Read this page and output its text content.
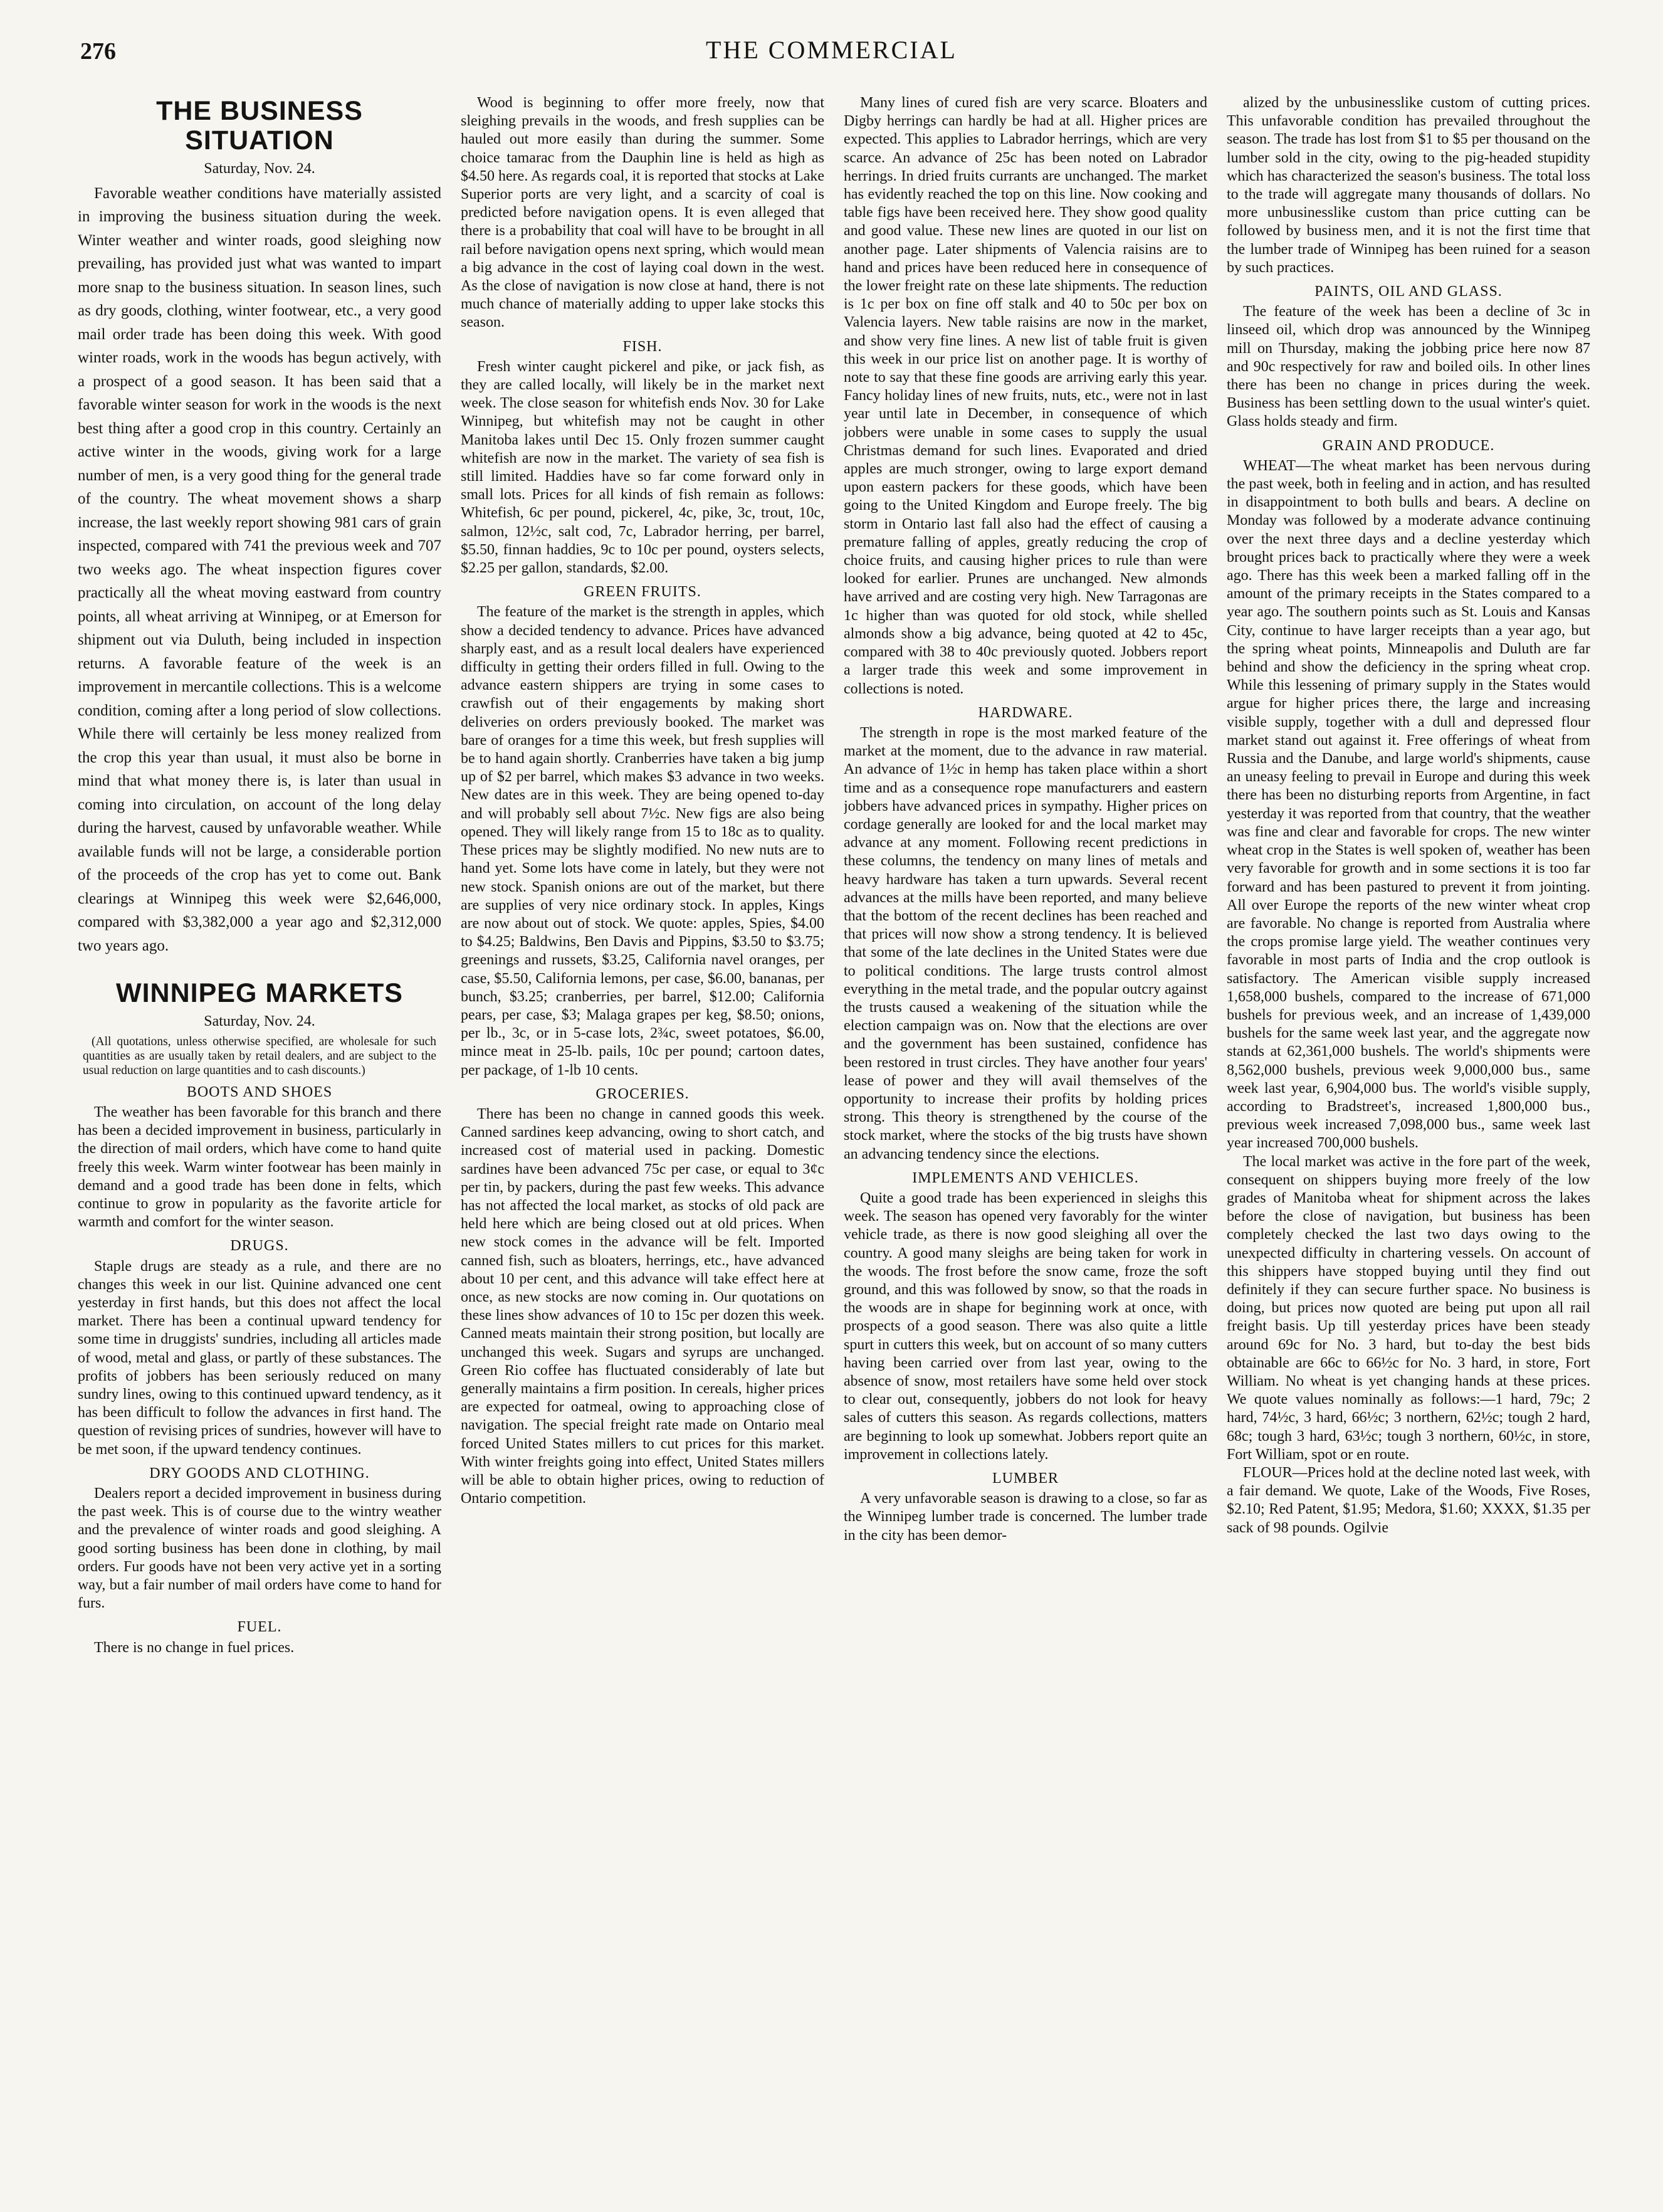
276	THE COMMERCIAL
THE BUSINESS SITUATION
Saturday, Nov. 24.

Favorable weather conditions have materially assisted in improving the business situation during the week. Winter weather and winter roads, good sleighing now prevailing, has provided just what was wanted to impart more snap to the business situation. In season lines, such as dry goods, clothing, winter footwear, etc., a very good mail order trade has been doing this week. With good winter roads, work in the woods has begun actively, with a prospect of a good season. It has been said that a favorable winter season for work in the woods is the next best thing after a good crop in this country. Certainly an active winter in the woods, giving work for a large number of men, is a very good thing for the general trade of the country. The wheat movement shows a sharp increase, the last weekly report showing 981 cars of grain inspected, compared with 741 the previous week and 707 two weeks ago. The wheat inspection figures cover practically all the wheat moving eastward from country points, all wheat arriving at Winnipeg, or at Emerson for shipment out via Duluth, being included in inspection returns. A favorable feature of the week is an improvement in mercantile collections. This is a welcome condition, coming after a long period of slow collections. While there will certainly be less money realized from the crop this year than usual, it must also be borne in mind that what money there is, is later than usual in coming into circulation, on account of the long delay during the harvest, caused by unfavorable weather. While available funds will not be large, a considerable portion of the proceeds of the crop has yet to come out. Bank clearings at Winnipeg this week were $2,646,000, compared with $3,382,000 a year ago and $2,312,000 two years ago.

WINNIPEG MARKETS
Saturday, Nov. 24.

(All quotations, unless otherwise specified, are wholesale for such quantities as are usually taken by retail dealers, and are subject to the usual reduction on large quantities and to cash discounts.)

BOOTS AND SHOES

The weather has been favorable for this branch and there has been a decided improvement in business, particularly in the direction of mail orders, which have come to hand quite freely this week. Warm winter footwear has been mainly in demand and a good trade has been done in felts, which continue to grow in popularity as the favorite article for warmth and comfort for the winter season.

DRUGS.

Staple drugs are steady as a rule, and there are no changes this week in our list. Quinine advanced one cent yesterday in first hands, but this does not affect the local market. There has been a continual upward tendency for some time in druggists' sundries, including all articles made of wood, metal and glass, or partly of these substances. The profits of jobbers has been seriously reduced on many sundry lines, owing to this continued upward tendency, as it has been difficult to follow the advances in first hand. The question of revising prices of sundries, however will have to be met soon, if the upward tendency continues.

DRY GOODS AND CLOTHING.

Dealers report a decided improvement in business during the past week. This is of course due to the wintry weather and the prevalence of winter roads and good sleighing. A good sorting business has been done in clothing, by mail orders. Fur goods have not been very active yet in a sorting way, but a fair number of mail orders have come to hand for furs.

FUEL.

There is no change in fuel prices.

Wood is beginning to offer more freely, now that sleighing prevails in the woods, and fresh supplies can be hauled out more easily than during the summer. Some choice tamarac from the Dauphin line is held as high as $4.50 here. As regards coal, it is reported that stocks at Lake Superior ports are very light, and a scarcity of coal is predicted before navigation opens. It is even alleged that there is a probability that coal will have to be brought in all rail before navigation opens next spring, which would mean a big advance in the cost of laying coal down in the west. As the close of navigation is now close at hand, there is not much chance of materially adding to upper lake stocks this season.

FISH.

Fresh winter caught pickerel and pike, or jack fish, as they are called locally, will likely be in the market next week. The close season for whitefish ends Nov. 30 for Lake Winnipeg, but whitefish may not be caught in other Manitoba lakes until Dec 15. Only frozen summer caught whitefish are now in the market. The variety of sea fish is still limited. Haddies have so far come forward only in small lots. Prices for all kinds of fish remain as follows: Whitefish, 6c per pound, pickerel, 4c, pike, 3c, trout, 10c, salmon, 12½c, salt cod, 7c, Labrador herring, per barrel, $5.50, finnan haddies, 9c to 10c per pound, oysters selects, $2.25 per gallon, standards, $2.00.

GREEN FRUITS.

The feature of the market is the strength in apples, which show a decided tendency to advance. Prices have advanced sharply east, and as a result local dealers have experienced difficulty in getting their orders filled in full. Owing to the advance eastern shippers are trying in some cases to crawfish out of their engagements by making short deliveries on orders previously booked. The market was bare of oranges for a time this week, but fresh supplies will be to hand again shortly. Cranberries have taken a big jump up of $2 per barrel, which makes $3 advance in two weeks. New dates are in this week. They are being opened to-day and will probably sell about 7½c. New figs are also being opened. They will likely range from 15 to 18c as to quality. These prices may be slightly modified. No new nuts are to hand yet. Some lots have come in lately, but they were not new stock. Spanish onions are out of the market, but there are supplies of very nice ordinary stock. In apples, Kings are now about out of stock. We quote: apples, Spies, $4.00 to $4.25; Baldwins, Ben Davis and Pippins, $3.50 to $3.75; greenings and russets, $3.25, California navel oranges, per case, $5.50, California lemons, per case, $6.00, bananas, per bunch, $3.25; cranberries, per barrel, $12.00; California pears, per case, $3; Malaga grapes per keg, $8.50; onions, per lb., 3c, or in 5-case lots, 2¾c, sweet potatoes, $6.00, mince meat in 25-lb. pails, 10c per pound; cartoon dates, per package, of 1-lb 10 cents.

GROCERIES.

There has been no change in canned goods this week. Canned sardines keep advancing, owing to short catch, and increased cost of material used in packing. Domestic sardines have been advanced 75c per case, or equal to 3¢c per tin, by packers, during the past few weeks. This advance has not affected the local market, as stocks of old pack are held here which are being closed out at old prices. When new stock comes in the advance will be felt. Imported canned fish, such as bloaters, herrings, etc., have advanced about 10 per cent, and this advance will take effect here at once, as new stocks are now coming in. Our quotations on these lines show advances of 10 to 15c per dozen this week. Canned meats maintain their strong position, but locally are unchanged this week. Sugars and syrups are unchanged. Green Rio coffee has fluctuated considerably of late but generally maintains a firm position. In cereals, higher prices are expected for oatmeal, owing to approaching close of navigation. The special freight rate made on Ontario meal forced United States millers to cut prices for this market. With winter freights going into effect, United States millers will be able to obtain higher prices, owing to reduction of Ontario competition.

Many lines of cured fish are very scarce. Bloaters and Digby herrings can hardly be had at all. Higher prices are expected. This applies to Labrador herrings, which are very scarce. An advance of 25c has been noted on Labrador herrings. In dried fruits currants are unchanged. The market has evidently reached the top on this line. Now cooking and table figs have been received here. They show good quality and good value. These new lines are quoted in our list on another page. Later shipments of Valencia raisins are to hand and prices have been reduced here in consequence of the lower freight rate on these late shipments. The reduction is 1c per box on fine off stalk and 40 to 50c per box on Valencia layers. New table raisins are now in the market, and show very fine lines. A new list of table fruit is given this week in our price list on another page. It is worthy of note to say that these fine goods are arriving early this year. Fancy holiday lines of new fruits, nuts, etc., were not in last year until late in December, in consequence of which jobbers were unable in some cases to supply the usual Christmas demand for such lines. Evaporated and dried apples are much stronger, owing to large export demand upon eastern packers for these goods, which have been going to the United Kingdom and Europe freely. The big storm in Ontario last fall also had the effect of causing a premature falling of apples, greatly reducing the crop of choice fruits, and causing higher prices to rule than were looked for earlier. Prunes are unchanged. New almonds have arrived and are costing very high. New Tarragonas are 1c higher than was quoted for old stock, while shelled almonds show a big advance, being quoted at 42 to 45c, compared with 38 to 40c previously quoted. Jobbers report a larger trade this week and some improvement in collections is noted.

HARDWARE.

The strength in rope is the most marked feature of the market at the moment, due to the advance in raw material. An advance of 1½c in hemp has taken place within a short time and as a consequence rope manufacturers and eastern jobbers have advanced prices in sympathy. Higher prices on cordage generally are looked for and the local market may advance at any moment. Following recent predictions in these columns, the tendency on many lines of metals and heavy hardware has taken a turn upwards. Several recent advances at the mills have been reported, and many believe that the bottom of the recent declines has been reached and that prices will now show a strong tendency. It is believed that some of the late declines in the United States were due to political conditions. The large trusts control almost everything in the metal trade, and the popular outcry against the trusts caused a weakening of the situation while the election campaign was on. Now that the elections are over and the government has been sustained, confidence has been restored in trust circles. They have another four years' lease of power and they will avail themselves of the opportunity to increase their profits by holding prices strong. This theory is strengthened by the course of the stock market, where the stocks of the big trusts have shown an advancing tendency since the elections.

IMPLEMENTS AND VEHICLES.

Quite a good trade has been experienced in sleighs this week. The season has opened very favorably for the winter vehicle trade, as there is now good sleighing all over the country. A good many sleighs are being taken for work in the woods. The frost before the snow came, froze the soft ground, and this was followed by snow, so that the roads in the woods are in shape for beginning work at once, with prospects of a good season. There was also quite a little spurt in cutters this week, but on account of so many cutters having been carried over from last year, owing to the absence of snow, most retailers have some held over stock to clear out, consequently, jobbers do not look for heavy sales of cutters this season. As regards collections, matters are beginning to look up somewhat. Jobbers report quite an improvement in collections lately.

LUMBER

A very unfavorable season is drawing to a close, so far as the Winnipeg lumber trade is concerned. The lumber trade in the city has been demor-

alized by the unbusinesslike custom of cutting prices. This unfavorable condition has prevailed throughout the season. The trade has lost from $1 to $5 per thousand on the lumber sold in the city, owing to the pig-headed stupidity which has characterized the season's business. The total loss to the trade will aggregate many thousands of dollars. No more unbusinesslike custom than price cutting can be followed by business men, and it is not the first time that the lumber trade of Winnipeg has been ruined for a season by such practices.

PAINTS, OIL AND GLASS.

The feature of the week has been a decline of 3c in linseed oil, which drop was announced by the Winnipeg mill on Thursday, making the jobbing price here now 87 and 90c respectively for raw and boiled oils. In other lines there has been no change in prices during the week. Business has been settling down to the usual winter's quiet. Glass holds steady and firm.

GRAIN AND PRODUCE.

WHEAT—The wheat market has been nervous during the past week, both in feeling and in action, and has resulted in disappointment to both bulls and bears. A decline on Monday was followed by a moderate advance continuing over the next three days and a decline yesterday which brought prices back to practically where they were a week ago. There has this week been a marked falling off in the amount of the primary receipts in the States compared to a year ago. The southern points such as St. Louis and Kansas City, continue to have larger receipts than a year ago, but the spring wheat points, Minneapolis and Duluth are far behind and show the deficiency in the spring wheat crop. While this lessening of primary supply in the States would argue for higher prices there, the large and increasing visible supply, together with a dull and depressed flour market stand out against it. Free offerings of wheat from Russia and the Danube, and large world's shipments, cause an uneasy feeling to prevail in Europe and during this week there has been no disturbing reports from Argentine, in fact yesterday it was reported from that country, that the weather was fine and clear and favorable for crops. The new winter wheat crop in the States is well spoken of, weather has been very favorable for growth and in some sections it is too far forward and has been pastured to prevent it from jointing. All over Europe the reports of the new winter wheat crop are favorable. No change is reported from Australia where the crops promise large yield. The weather continues very favorable in most parts of India and the crop outlook is satisfactory. The American visible supply increased 1,658,000 bushels, compared to the increase of 671,000 bushels for previous week, and an increase of 1,439,000 bushels for the same week last year, and the aggregate now stands at 62,361,000 bushels. The world's shipments were 8,562,000 bushels, previous week 9,000,000 bus., same week last year, 6,904,000 bus. The world's visible supply, according to Bradstreet's, increased 1,800,000 bus., previous week increased 7,098,000 bus., same week last year increased 700,000 bushels.

The local market was active in the fore part of the week, consequent on shippers buying more freely of the low grades of Manitoba wheat for shipment across the lakes before the close of navigation, but business has been completely checked the last two days owing to the unexpected difficulty in chartering vessels. On account of this shippers have stopped buying until they find out definitely if they can secure further space. No business is doing, but prices now quoted are being put upon all rail freight basis. Up till yesterday prices have been steady around 69c for No. 3 hard, but to-day the best bids obtainable are 66c to 66½c for No. 3 hard, in store, Fort William. No wheat is yet changing hands at these prices. We quote values nominally as follows:—1 hard, 79c; 2 hard, 74½c, 3 hard, 66½c; 3 northern, 62½c; tough 2 hard, 68c; tough 3 hard, 63½c; tough 3 northern, 60½c, in store, Fort William, spot or en route.

FLOUR—Prices hold at the decline noted last week, with a fair demand. We quote, Lake of the Woods, Five Roses, $2.10; Red Patent, $1.95; Medora, $1.60; XXXX, $1.35 per sack of 98 pounds. Ogilvie
